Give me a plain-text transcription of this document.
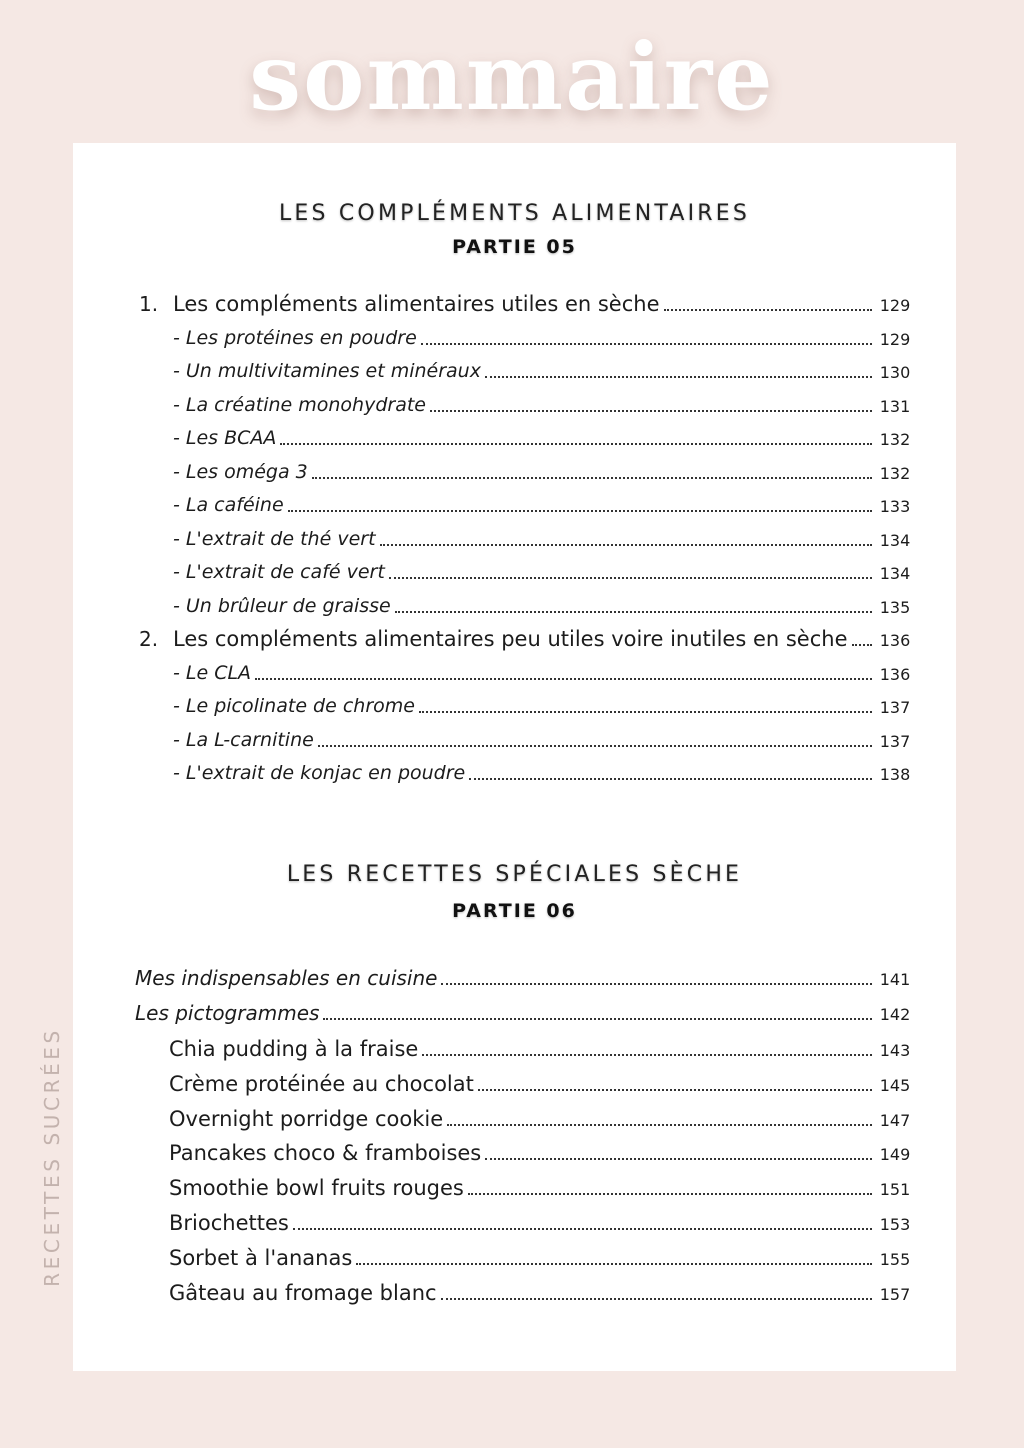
sommaire
LES COMPLÉMENTS ALIMENTAIRES
PARTIE 05
1. Les compléments alimentaires utiles en sèche	129
- Les protéines en poudre	129
- Un multivitamines et minéraux	130
- La créatine monohydrate	131
- Les BCAA	132
- Les oméga 3	132
- La caféine	133
- L'extrait de thé vert	134
- L'extrait de café vert	134
- Un brûleur de graisse	135
2. Les compléments alimentaires peu utiles voire inutiles en sèche 136
- Le CLA	136
- Le picolinate de chrome	137
- La L-carnitine	137
- L'extrait de konjac en poudre	138
LES RECETTES SPÉCIALES SÈCHE
PARTIE 06
Mes indispensables en cuisine	141
Les pictogrammes	142
Chia pudding à la fraise	143
Crème protéinée au chocolat	145
Overnight porridge cookie	147
Pancakes choco & framboises	149
Smoothie bowl fruits rouges	151
Briochettes	153
Sorbet à l'ananas	155
Gâteau au fromage blanc	157
RECETTES SUCRÉES
